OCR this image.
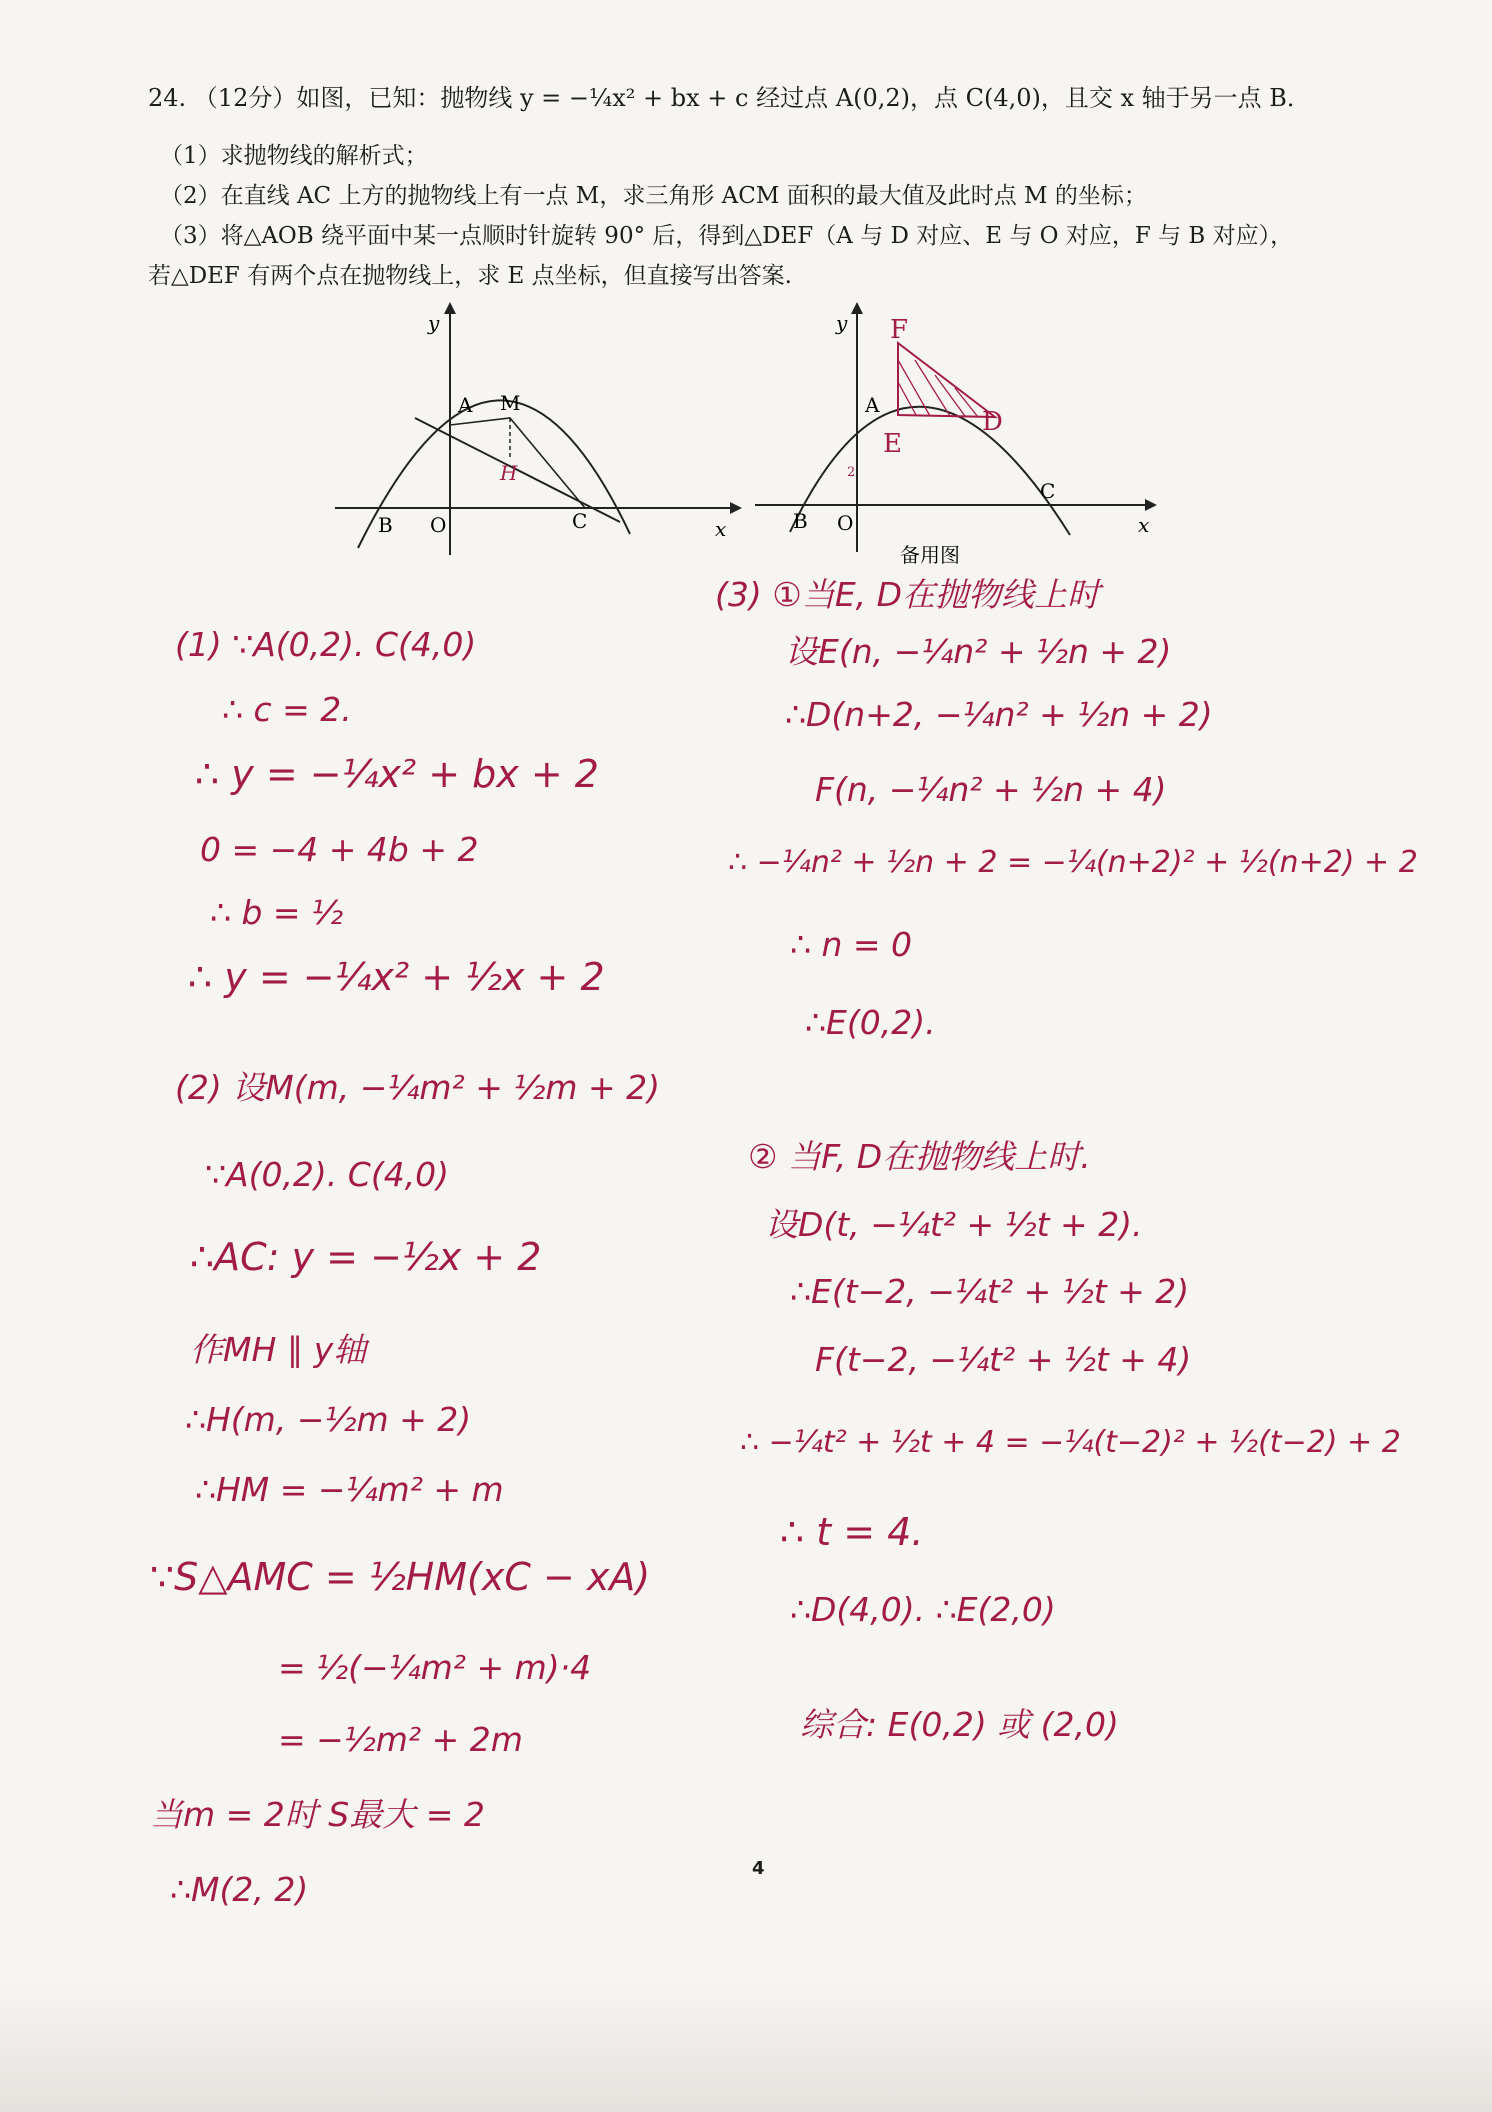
24. （12分）如图，已知：抛物线 y = −¼x² + bx + c 经过点 A(0,2)，点 C(4,0)，且交 x 轴于另一点 B．
（1）求抛物线的解析式；
（2）在直线 AC 上方的抛物线上有一点 M，求三角形 ACM 面积的最大值及此时点 M 的坐标；
（3）将△AOB 绕平面中某一点顺时针旋转 90° 后，得到△DEF（A 与 D 对应、E 与 O 对应，F 与 B 对应），
若△DEF 有两个点在抛物线上，求 E 点坐标，但直接写出答案.
y
x
O
A M
H
B	C
y
x
O
A
B
C
F
D
E
2
备用图
(1) ∵A(0,2). C(4,0)
∴ c = 2.
∴ y = −¼x² + bx + 2
0 = −4 + 4b + 2
∴ b = ½
∴ y = −¼x² + ½x + 2
(2) 设M(m, −¼m² + ½m + 2)
∵A(0,2). C(4,0)
∴AC: y = −½x + 2
作MH ∥ y轴
∴H(m, −½m + 2)
∴HM = −¼m² + m
∵S△AMC = ½HM(xC − xA)
= ½(−¼m² + m)·4
= −½m² + 2m
当m = 2时 S最大 = 2
∴M(2, 2)
(3) ①当E, D在抛物线上时
设E(n, −¼n² + ½n + 2)
∴D(n+2, −¼n² + ½n + 2)
F(n, −¼n² + ½n + 4)
∴ −¼n² + ½n + 2 = −¼(n+2)² + ½(n+2) + 2
∴ n = 0
∴E(0,2).
② 当F, D在抛物线上时.
设D(t, −¼t² + ½t + 2).
∴E(t−2, −¼t² + ½t + 2)
F(t−2, −¼t² + ½t + 4)
∴ −¼t² + ½t + 4 = −¼(t−2)² + ½(t−2) + 2
∴ t = 4.
∴D(4,0). ∴E(2,0)
综合: E(0,2) 或 (2,0)
4
